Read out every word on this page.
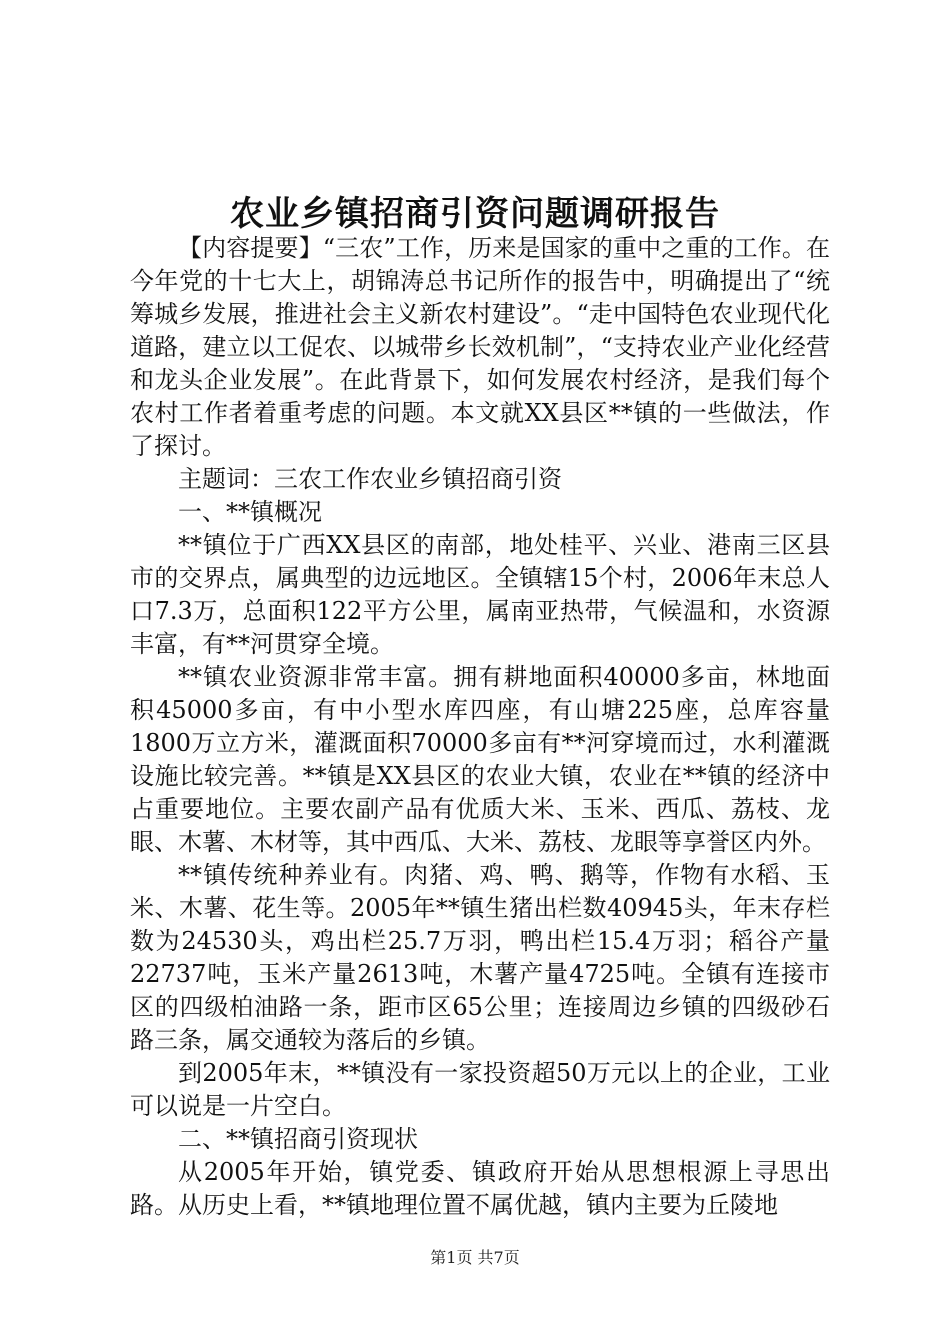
农业乡镇招商引资问题调研报告

【内容提要】“三农”工作，历来是国家的重中之重的工作。在今年党的十七大上，胡锦涛总书记所作的报告中，明确提出了“统筹城乡发展，推进社会主义新农村建设”。“走中国特色农业现代化道路，建立以工促农、以城带乡长效机制”，“支持农业产业化经营和龙头企业发展”。在此背景下，如何发展农村经济，是我们每个农村工作者着重考虑的问题。本文就XX县区**镇的一些做法，作了探讨。

主题词：三农工作农业乡镇招商引资

一、**镇概况

**镇位于广西XX县区的南部，地处桂平、兴业、港南三区县市的交界点，属典型的边远地区。全镇辖15个村，2006年末总人口7.3万，总面积122平方公里，属南亚热带，气候温和，水资源丰富，有**河贯穿全境。

**镇农业资源非常丰富。拥有耕地面积40000多亩，林地面积45000多亩，有中小型水库四座，有山塘225座，总库容量1800万立方米，灌溉面积70000多亩有**河穿境而过，水利灌溉设施比较完善。**镇是XX县区的农业大镇，农业在**镇的经济中占重要地位。主要农副产品有优质大米、玉米、西瓜、荔枝、龙眼、木薯、木材等，其中西瓜、大米、荔枝、龙眼等享誉区内外。

**镇传统种养业有。肉猪、鸡、鸭、鹅等，作物有水稻、玉米、木薯、花生等。2005年**镇生猪出栏数40945头，年末存栏数为24530头，鸡出栏25.7万羽，鸭出栏15.4万羽；稻谷产量22737吨，玉米产量2613吨，木薯产量4725吨。全镇有连接市区的四级柏油路一条，距市区65公里；连接周边乡镇的四级砂石路三条，属交通较为落后的乡镇。

到2005年末，**镇没有一家投资超50万元以上的企业，工业可以说是一片空白。

二、**镇招商引资现状

从2005年开始，镇党委、镇政府开始从思想根源上寻思出路。从历史上看，**镇地理位置不属优越，镇内主要为丘陵地

第1页 共7页
